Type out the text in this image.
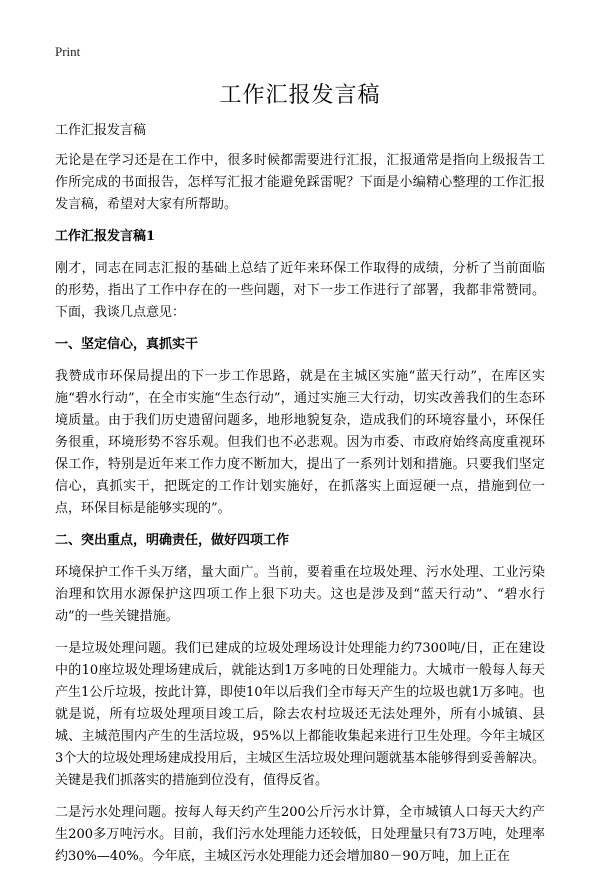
Print
工作汇报发言稿

工作汇报发言稿

无论是在学习还是在工作中，很多时候都需要进行汇报，汇报通常是指向上级报告工作所完成的书面报告，怎样写汇报才能避免踩雷呢？下面是小编精心整理的工作汇报发言稿，希望对大家有所帮助。

工作汇报发言稿1

刚才，同志在同志汇报的基础上总结了近年来环保工作取得的成绩，分析了当前面临的形势，指出了工作中存在的一些问题，对下一步工作进行了部署，我都非常赞同。下面，我谈几点意见：

一、坚定信心，真抓实干

我赞成市环保局提出的下一步工作思路，就是在主城区实施“蓝天行动”，在库区实施“碧水行动”，在全市实施“生态行动”，通过实施三大行动，切实改善我们的生态环境质量。由于我们历史遗留问题多，地形地貌复杂，造成我们的环境容量小，环保任务很重，环境形势不容乐观。但我们也不必悲观。因为市委、市政府始终高度重视环保工作，特别是近年来工作力度不断加大，提出了一系列计划和措施。只要我们坚定信心，真抓实干，把既定的工作计划实施好，在抓落实上面逗硬一点，措施到位一点，环保目标是能够实现的”。

二、突出重点，明确责任，做好四项工作

环境保护工作千头万绪，量大面广。当前，要着重在垃圾处理、污水处理、工业污染治理和饮用水源保护这四项工作上狠下功夫。这也是涉及到“蓝天行动”、“碧水行动”的一些关键措施。

一是垃圾处理问题。我们已建成的垃圾处理场设计处理能力约7300吨/日，正在建设中的10座垃圾处理场建成后，就能达到1万多吨的日处理能力。大城市一般每人每天产生1公斤垃圾，按此计算，即使10年以后我们全市每天产生的垃圾也就1万多吨。也就是说，所有垃圾处理项目竣工后，除去农村垃圾还无法处理外，所有小城镇、县城、主城范围内产生的生活垃圾，95%以上都能收集起来进行卫生处理。今年主城区3个大的垃圾处理场建成投用后，主城区生活垃圾处理问题就基本能够得到妥善解决。关键是我们抓落实的措施到位没有，值得反省。

二是污水处理问题。按每人每天约产生200公斤污水计算，全市城镇人口每天大约产生200多万吨污水。目前，我们污水处理能力还较低，日处理量只有73万吨，处理率约30%—40%。今年底，主城区污水处理能力还会增加80－90万吨，加上正在
